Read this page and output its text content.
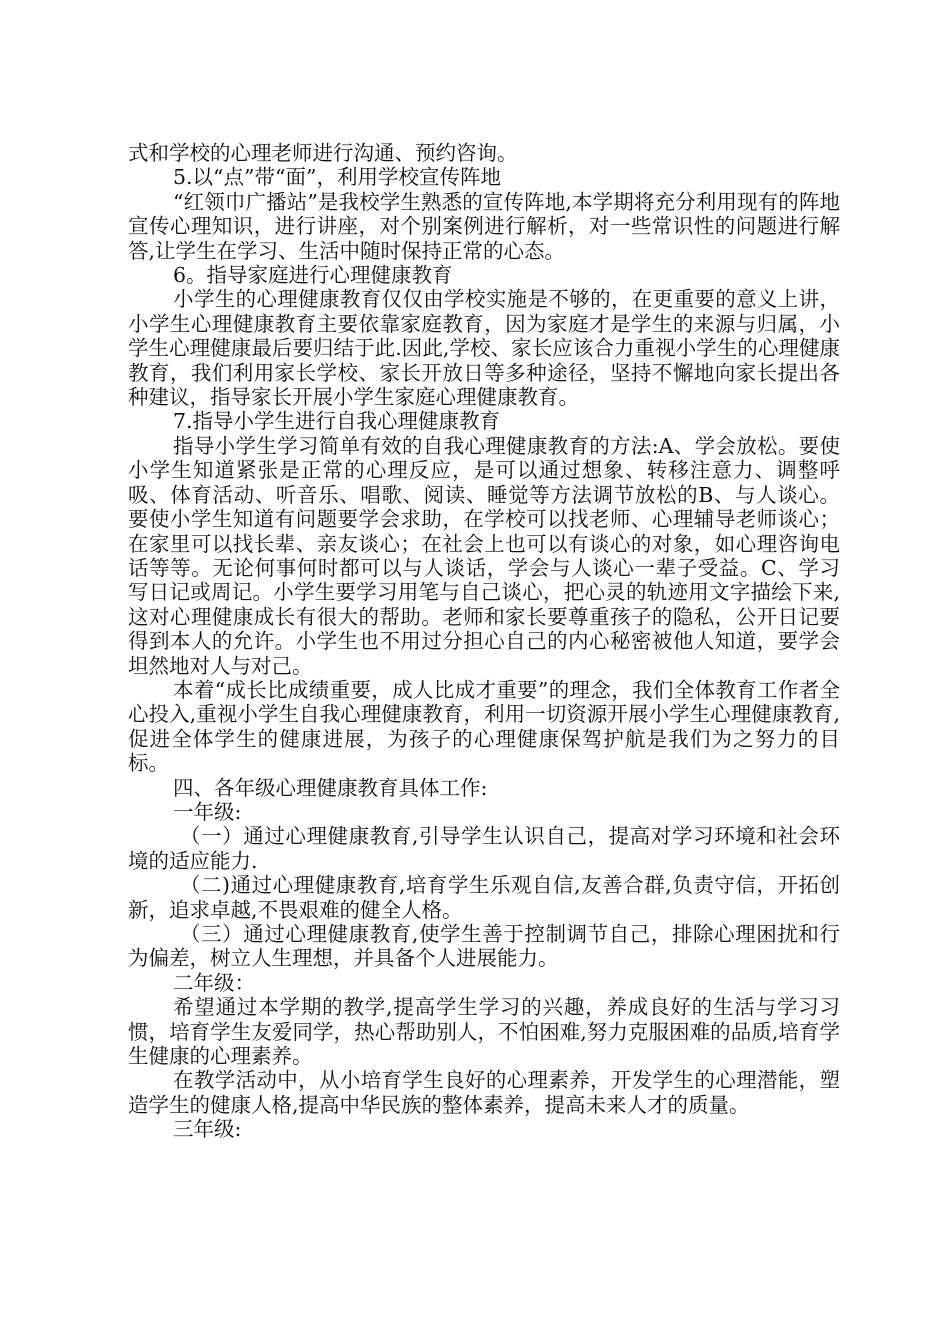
式和学校的心理老师进行沟通、预约咨询。

5.以“点”带“面”，利用学校宣传阵地

“红领巾广播站”是我校学生熟悉的宣传阵地,本学期将充分利用现有的阵地宣传心理知识，进行讲座，对个别案例进行解析，对一些常识性的问题进行解答,让学生在学习、生活中随时保持正常的心态。

6。指导家庭进行心理健康教育

小学生的心理健康教育仅仅由学校实施是不够的，在更重要的意义上讲，小学生心理健康教育主要依靠家庭教育，因为家庭才是学生的来源与归属，小学生心理健康最后要归结于此.因此,学校、家长应该合力重视小学生的心理健康教育，我们利用家长学校、家长开放日等多种途径，坚持不懈地向家长提出各种建议，指导家长开展小学生家庭心理健康教育。

7.指导小学生进行自我心理健康教育

指导小学生学习简单有效的自我心理健康教育的方法:A、学会放松。要使小学生知道紧张是正常的心理反应，是可以通过想象、转移注意力、调整呼吸、体育活动、听音乐、唱歌、阅读、睡觉等方法调节放松的B、与人谈心。要使小学生知道有问题要学会求助，在学校可以找老师、心理辅导老师谈心；在家里可以找长辈、亲友谈心；在社会上也可以有谈心的对象，如心理咨询电话等等。无论何事何时都可以与人谈话，学会与人谈心一辈子受益。C、学习写日记或周记。小学生要学习用笔与自己谈心，把心灵的轨迹用文字描绘下来,这对心理健康成长有很大的帮助。老师和家长要尊重孩子的隐私，公开日记要得到本人的允许。小学生也不用过分担心自己的内心秘密被他人知道，要学会坦然地对人与对己。

本着“成长比成绩重要，成人比成才重要”的理念，我们全体教育工作者全心投入,重视小学生自我心理健康教育，利用一切资源开展小学生心理健康教育,促进全体学生的健康进展，为孩子的心理健康保驾护航是我们为之努力的目标。

四、各年级心理健康教育具体工作:

一年级:

（一）通过心理健康教育,引导学生认识自己，提高对学习环境和社会环境的适应能力.

（二)通过心理健康教育,培育学生乐观自信,友善合群,负责守信，开拓创新，追求卓越,不畏艰难的健全人格。

（三）通过心理健康教育,使学生善于控制调节自己，排除心理困扰和行为偏差，树立人生理想，并具备个人进展能力。

二年级：

希望通过本学期的教学,提高学生学习的兴趣，养成良好的生活与学习习惯，培育学生友爱同学，热心帮助别人，不怕困难,努力克服困难的品质,培育学生健康的心理素养。

在教学活动中，从小培育学生良好的心理素养，开发学生的心理潜能，塑造学生的健康人格,提高中华民族的整体素养，提高未来人才的质量。

三年级:
